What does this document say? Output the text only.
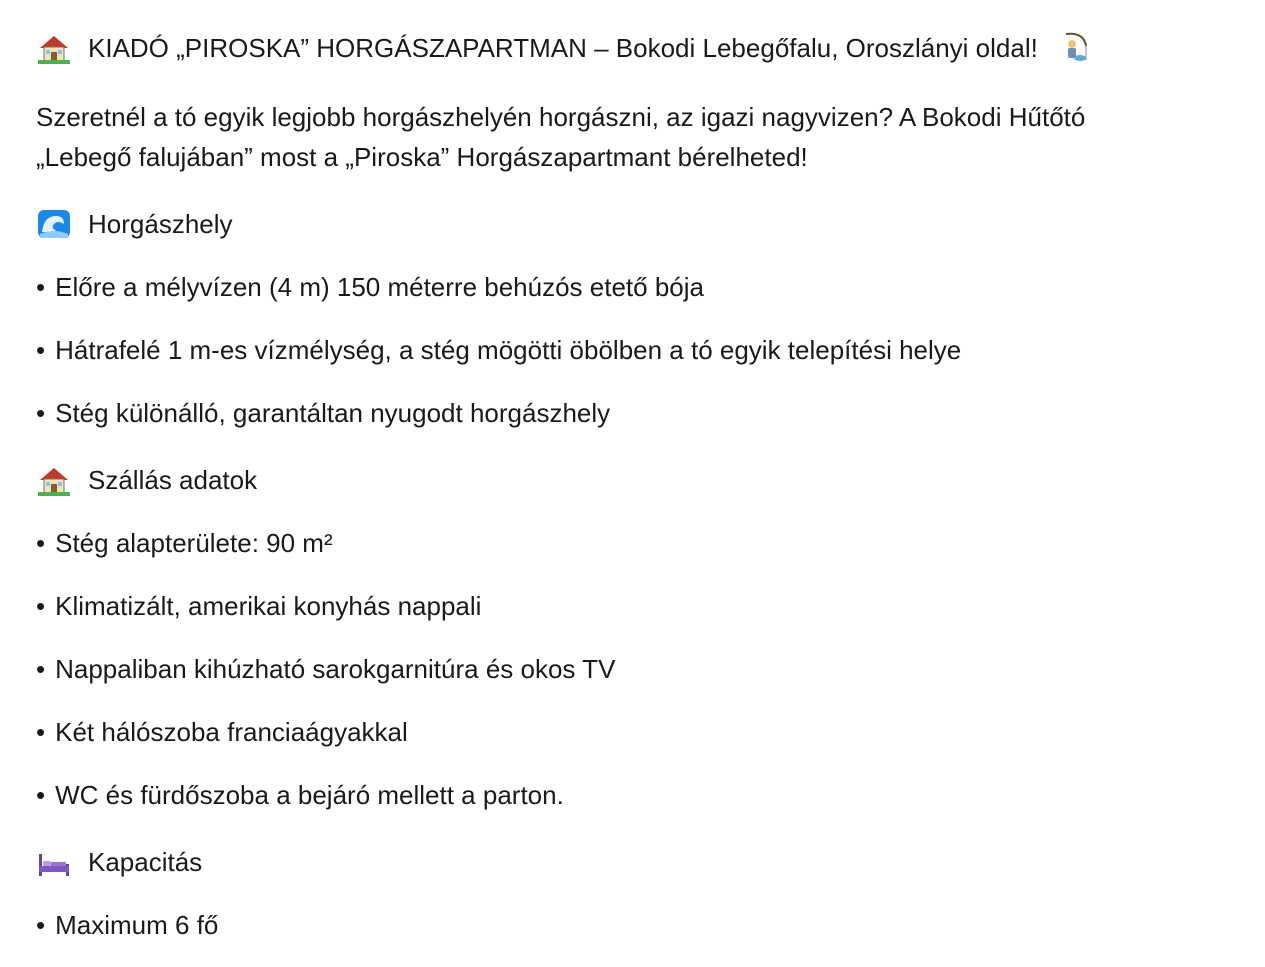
KIADÓ „PIROSKA” HORGÁSZAPARTMAN – Bokodi Lebegőfalu, Oroszlányi oldal!
Szeretnél a tó egyik legjobb horgászhelyén horgászni, az igazi nagyvizen? A Bokodi Hűtőtó
„Lebegő falujában” most a „Piroska” Horgászapartmant bérelheted!
Horgászhely
• Előre a mélyvízen (4 m) 150 méterre behúzós etető bója
• Hátrafelé 1 m-es vízmélység, a stég mögötti öbölben a tó egyik telepítési helye
• Stég különálló, garantáltan nyugodt horgászhely
Szállás adatok
• Stég alapterülete: 90 m²
• Klimatizált, amerikai konyhás nappali
• Nappaliban kihúzható sarokgarnitúra és okos TV
• Két hálószoba franciaágyakkal
• WC és fürdőszoba a bejáró mellett a parton.
Kapacitás
• Maximum 6 fő
